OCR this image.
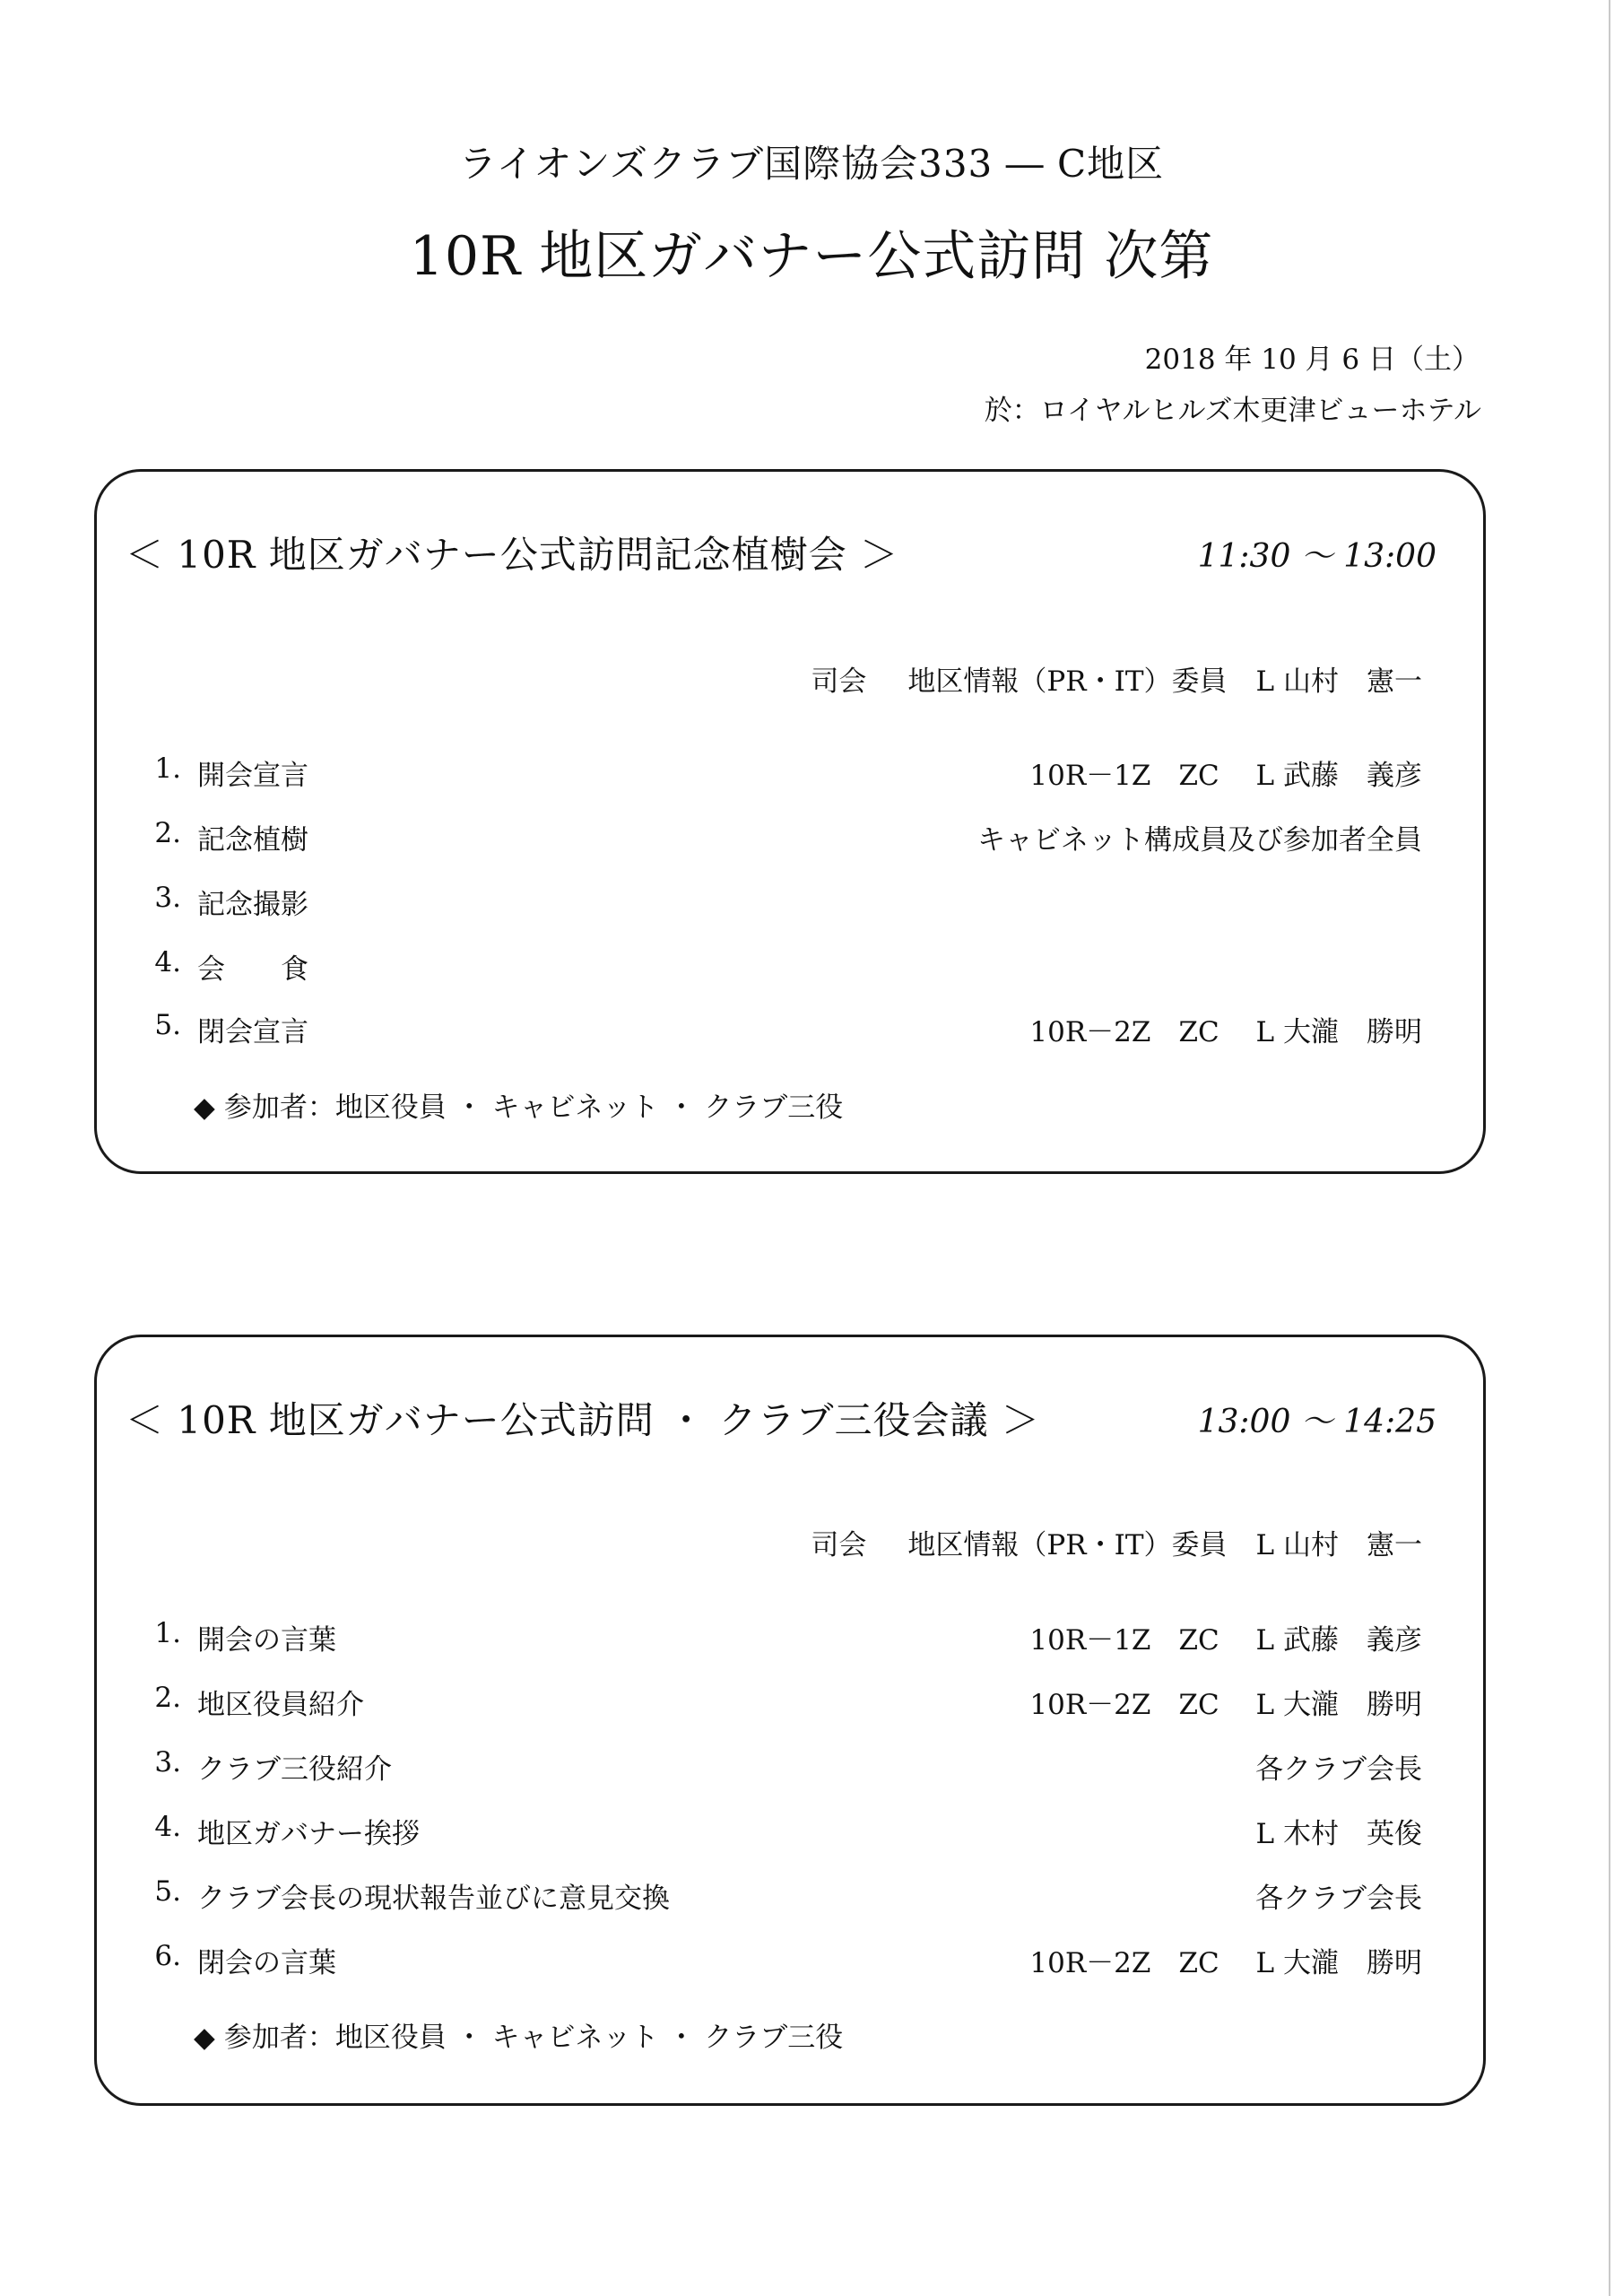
ライオンズクラブ国際協会333 ― C地区
10R 地区ガバナー公式訪問 次第
2018 年 10 月 6 日（土）
於：ロイヤルヒルズ木更津ビューホテル
＜ 10R 地区ガバナー公式訪問記念植樹会 ＞	11:30 ～ 13:00
司会 地区情報（PR・IT）委員 L 山村　憲一
1. 開会宣言	10R－1Z　ZC　 L 武藤　義彦
2. 記念植樹	キャビネット構成員及び参加者全員
3. 記念撮影
4. 会　　食
5. 閉会宣言	10R－2Z　ZC　 L 大瀧　勝明
◆ 参加者：地区役員 ・ キャビネット ・ クラブ三役
＜ 10R 地区ガバナー公式訪問 ・ クラブ三役会議 ＞	13:00 ～ 14:25
司会 地区情報（PR・IT）委員 L 山村　憲一
1. 開会の言葉	10R－1Z　ZC　 L 武藤　義彦
2. 地区役員紹介	10R－2Z　ZC　 L 大瀧　勝明
3. クラブ三役紹介	各クラブ会長
4. 地区ガバナー挨拶	L 木村　英俊
5. クラブ会長の現状報告並びに意見交換	各クラブ会長
6. 閉会の言葉	10R－2Z　ZC　 L 大瀧　勝明
◆ 参加者：地区役員 ・ キャビネット ・ クラブ三役
